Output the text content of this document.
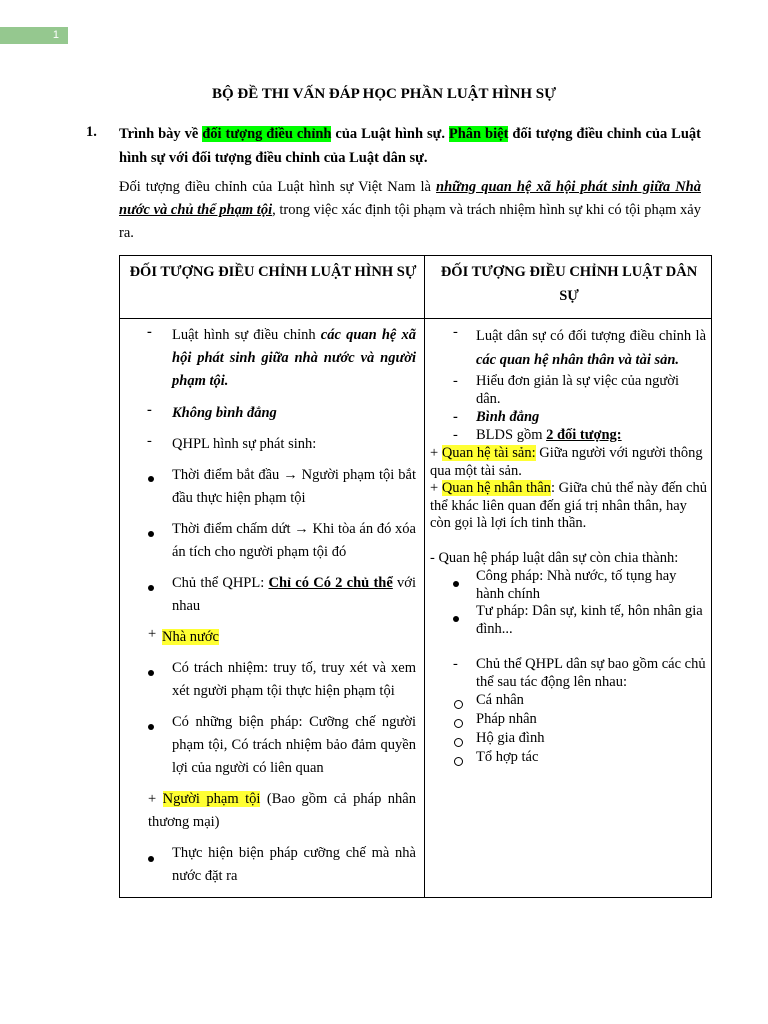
1
BỘ ĐỀ THI VẤN ĐÁP HỌC PHẦN LUẬT HÌNH SỰ
1. Trình bày về đối tượng điều chỉnh của Luật hình sự. Phân biệt đối tượng điều chỉnh của Luật hình sự với đối tượng điều chỉnh của Luật dân sự.
Đối tượng điều chỉnh của Luật hình sự Việt Nam là những quan hệ xã hội phát sinh giữa Nhà nước và chủ thể phạm tội, trong việc xác định tội phạm và trách nhiệm hình sự khi có tội phạm xảy ra.
ĐỐI TƯỢNG ĐIỀU CHỈNH LUẬT HÌNH SỰ	ĐỐI TƯỢNG ĐIỀU CHỈNH LUẬT DÂN SỰ
- Luật hình sự điều chỉnh các quan hệ xã hội phát sinh giữa nhà nước và người phạm tội.
- Không bình đẳng
- QHPL hình sự phát sinh:
Thời điểm bắt đầu → Người phạm tội bắt đầu thực hiện phạm tội
Thời điểm chấm dứt → Khi tòa án đó xóa án tích cho người phạm tội đó
Chủ thể QHPL: Chỉ có Có 2 chủ thể với nhau
+ Nhà nước
Có trách nhiệm: truy tố, truy xét và xem xét người phạm tội thực hiện phạm tội
Có những biện pháp: Cưỡng chế người phạm tội, Có trách nhiệm bảo đảm quyền lợi của người có liên quan
+ Người phạm tội (Bao gồm cả pháp nhân thương mại)
Thực hiện biện pháp cưỡng chế mà nhà nước đặt ra
- Luật dân sự có đối tượng điều chỉnh là các quan hệ nhân thân và tài sản.
- Hiểu đơn giản là sự việc của người dân.
- Bình đẳng
- BLDS gồm 2 đối tượng:
+ Quan hệ tài sản: Giữa người với người thông qua một tài sản.
+ Quan hệ nhân thân: Giữa chủ thể này đến chủ thể khác liên quan đến giá trị nhân thân, hay còn gọi là lợi ích tinh thần.
- Quan hệ pháp luật dân sự còn chia thành:
Công pháp: Nhà nước, tố tụng hay hành chính
Tư pháp: Dân sự, kinh tế, hôn nhân gia đình...
- Chủ thể QHPL dân sự bao gồm các chủ thể sau tác động lên nhau:
Cá nhân
Pháp nhân
Hộ gia đình
Tổ hợp tác
